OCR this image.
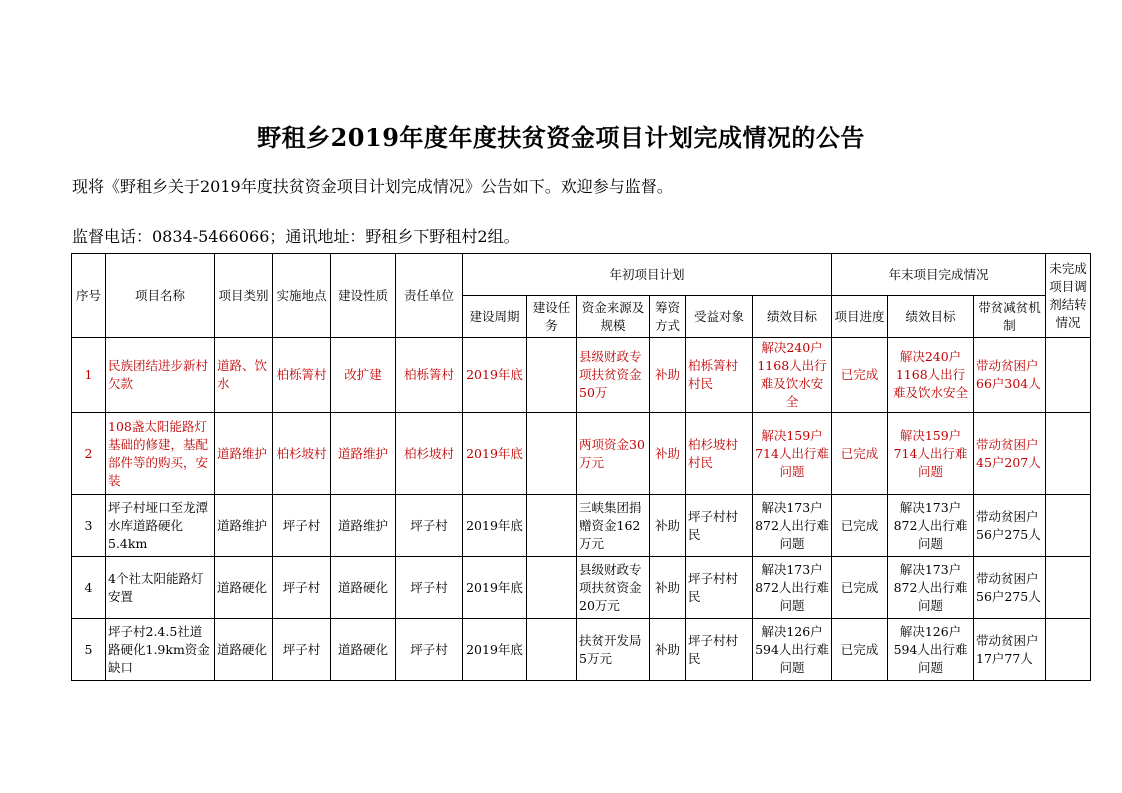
野租乡2019年度年度扶贫资金项目计划完成情况的公告
现将《野租乡关于2019年度扶贫资金项目计划完成情况》公告如下。欢迎参与监督。
监督电话：0834-5466066；通讯地址：野租乡下野租村2组。
序号	项目名称	项目类别	实施地点	建设性质	责任单位	年初项目计划						年末项目完成情况			未完成项目调剂结转情况
						建设周期	建设任务	资金来源及规模	筹资方式	受益对象	绩效目标	项目进度	绩效目标	带贫减贫机制	
1	民族团结进步新村欠款	道路、饮水	柏栎箐村	改扩建	柏栎箐村	2019年底		县级财政专项扶贫资金50万	补助	柏栎箐村村民	解决240户1168人出行难及饮水安全	已完成	解决240户1168人出行难及饮水安全	带动贫困户66户304人	
2	108盏太阳能路灯基础的修建，基配部件等的购买，安装	道路维护	柏杉坡村	道路维护	柏杉坡村	2019年底		两项资金30万元	补助	柏杉坡村村民	解决159户714人出行难问题	已完成	解决159户714人出行难问题	带动贫困户45户207人	
3	坪子村垭口至龙潭水库道路硬化5.4km	道路维护	坪子村	道路维护	坪子村	2019年底		三峡集团捐赠资金162万元	补助	坪子村村民	解决173户872人出行难问题	已完成	解决173户872人出行难问题	带动贫困户56户275人	
4	4个社太阳能路灯安置	道路硬化	坪子村	道路硬化	坪子村	2019年底		县级财政专项扶贫资金20万元	补助	坪子村村民	解决173户872人出行难问题	已完成	解决173户872人出行难问题	带动贫困户56户275人	
5	坪子村2.4.5社道路硬化1.9km资金缺口	道路硬化	坪子村	道路硬化	坪子村	2019年底		扶贫开发局5万元	补助	坪子村村民	解决126户594人出行难问题	已完成	解决126户594人出行难问题	带动贫困户17户77人	
